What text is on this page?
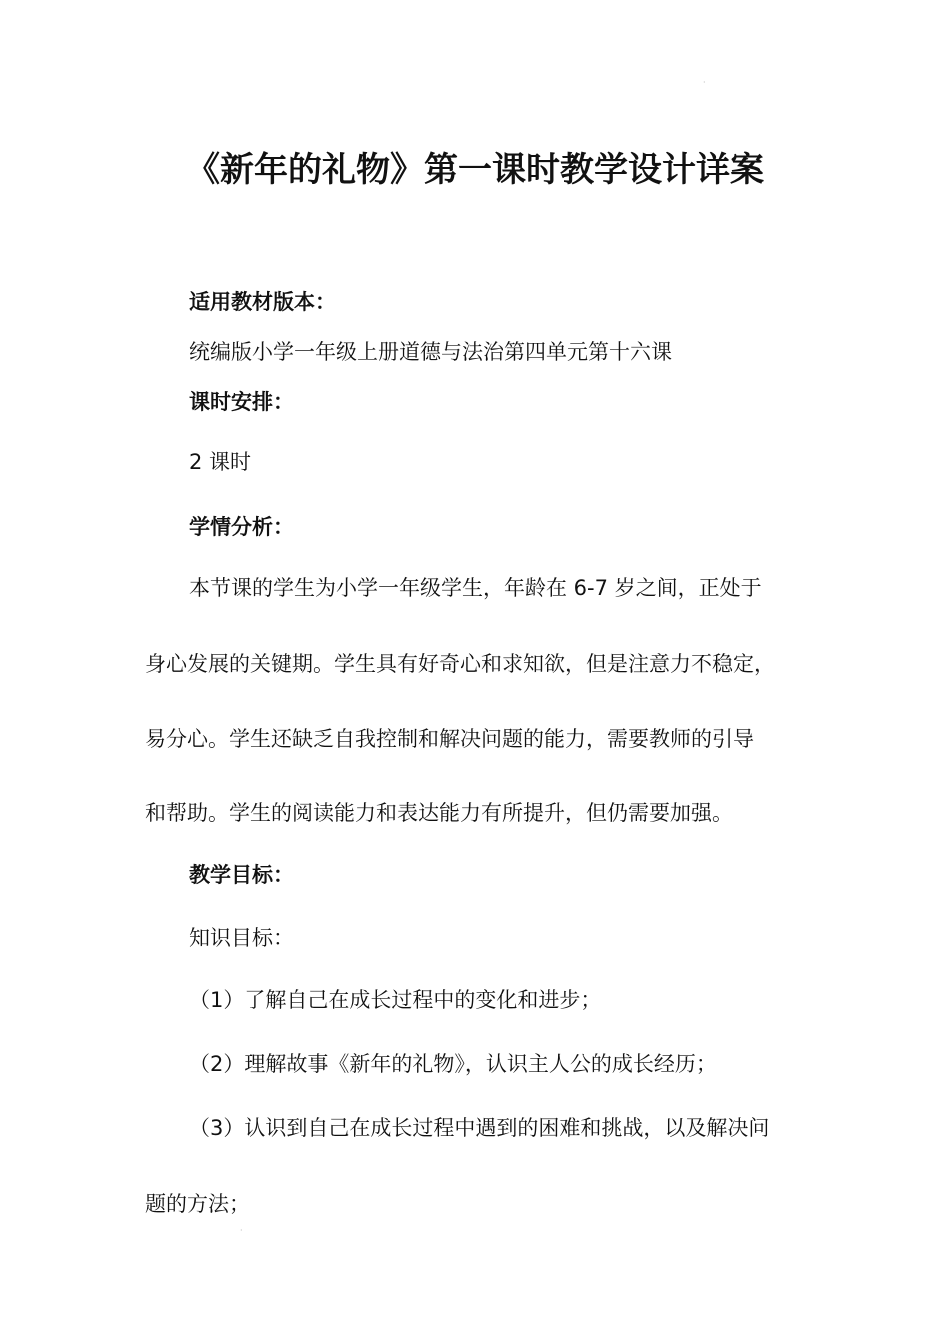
·
《新年的礼物》第一课时教学设计详案
适用教材版本：
统编版小学一年级上册道德与法治第四单元第十六课
课时安排：
2 课时
学情分析：
本节课的学生为小学一年级学生，年龄在 6-7 岁之间，正处于
身心发展的关键期。学生具有好奇心和求知欲，但是注意力不稳定，
易分心。学生还缺乏自我控制和解决问题的能力，需要教师的引导
和帮助。学生的阅读能力和表达能力有所提升，但仍需要加强。
教学目标：
知识目标：
（1）了解自己在成长过程中的变化和进步；
（2）理解故事《新年的礼物》，认识主人公的成长经历；
（3）认识到自己在成长过程中遇到的困难和挑战，以及解决问
题的方法；
·
